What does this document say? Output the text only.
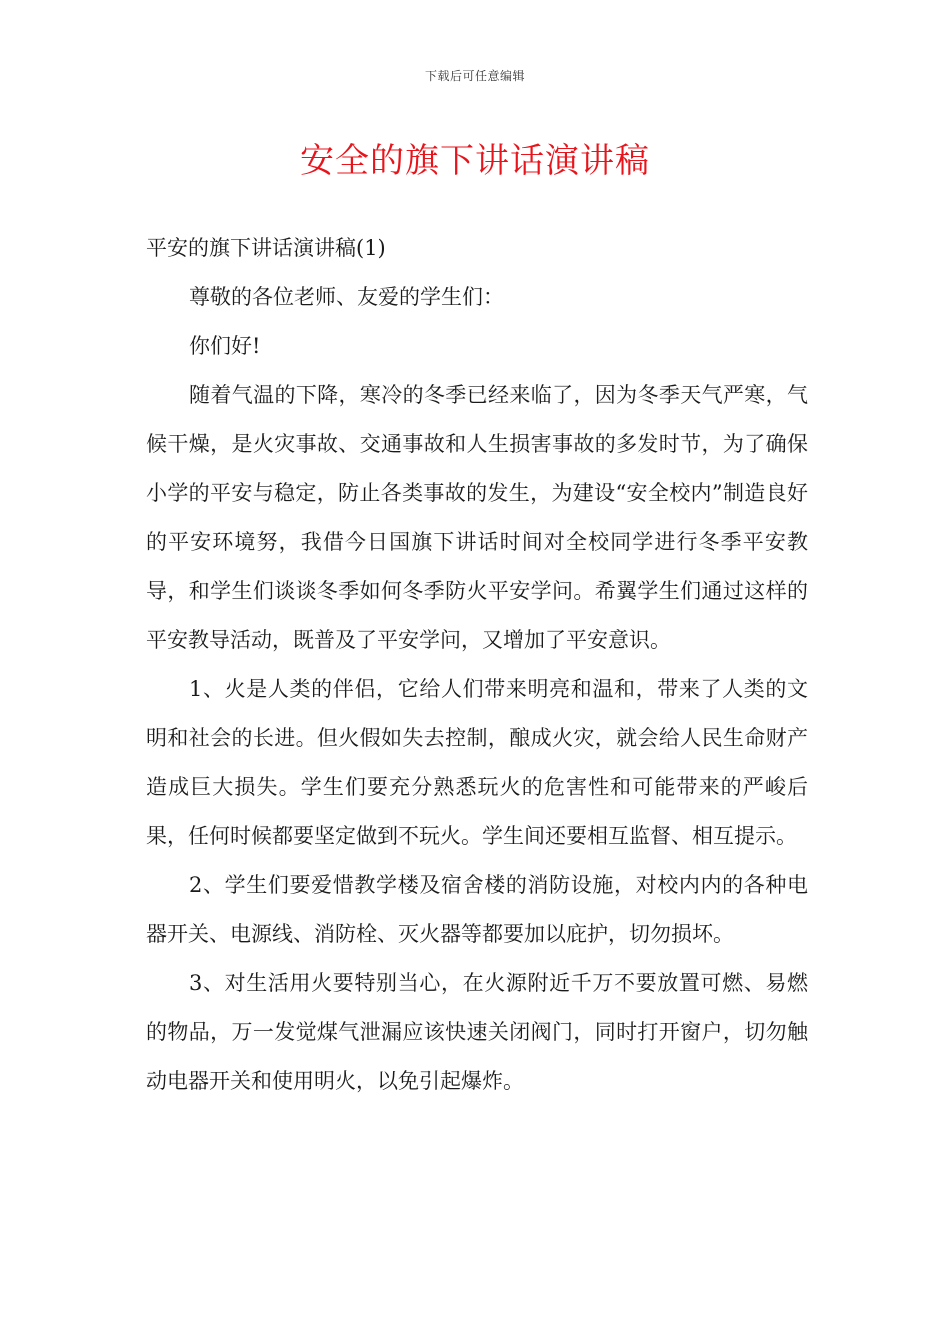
下载后可任意编辑
安全的旗下讲话演讲稿

平安的旗下讲话演讲稿(1)

尊敬的各位老师、友爱的学生们：

你们好!

随着气温的下降，寒冷的冬季已经来临了，因为冬季天气严寒，气候干燥，是火灾事故、交通事故和人生损害事故的多发时节，为了确保小学的平安与稳定，防止各类事故的发生，为建设“安全校内”制造良好的平安环境努，我借今日国旗下讲话时间对全校同学进行冬季平安教导，和学生们谈谈冬季如何冬季防火平安学问。希翼学生们通过这样的平安教导活动，既普及了平安学问，又增加了平安意识。

1、火是人类的伴侣，它给人们带来明亮和温和，带来了人类的文明和社会的长进。但火假如失去控制，酿成火灾，就会给人民生命财产造成巨大损失。学生们要充分熟悉玩火的危害性和可能带来的严峻后果，任何时候都要坚定做到不玩火。学生间还要相互监督、相互提示。

2、学生们要爱惜教学楼及宿舍楼的消防设施，对校内内的各种电器开关、电源线、消防栓、灭火器等都要加以庇护，切勿损坏。

3、对生活用火要特别当心，在火源附近千万不要放置可燃、易燃的物品，万一发觉煤气泄漏应该快速关闭阀门，同时打开窗户，切勿触动电器开关和使用明火，以免引起爆炸。
